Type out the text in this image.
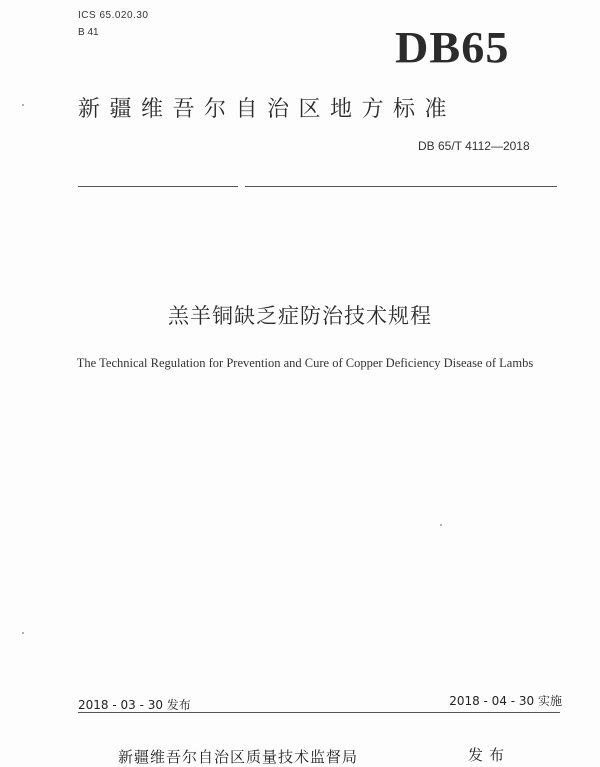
ICS 65.020.30
B 41	DB65
新疆维吾尔自治区地方标准
DB 65/T 4112—2018
羔羊铜缺乏症防治技术规程
The Technical Regulation for Prevention and Cure of Copper Deficiency Disease of Lambs
2018 - 03 - 30 发布	2018 - 04 - 30 实施
新疆维吾尔自治区质量技术监督局	发布
